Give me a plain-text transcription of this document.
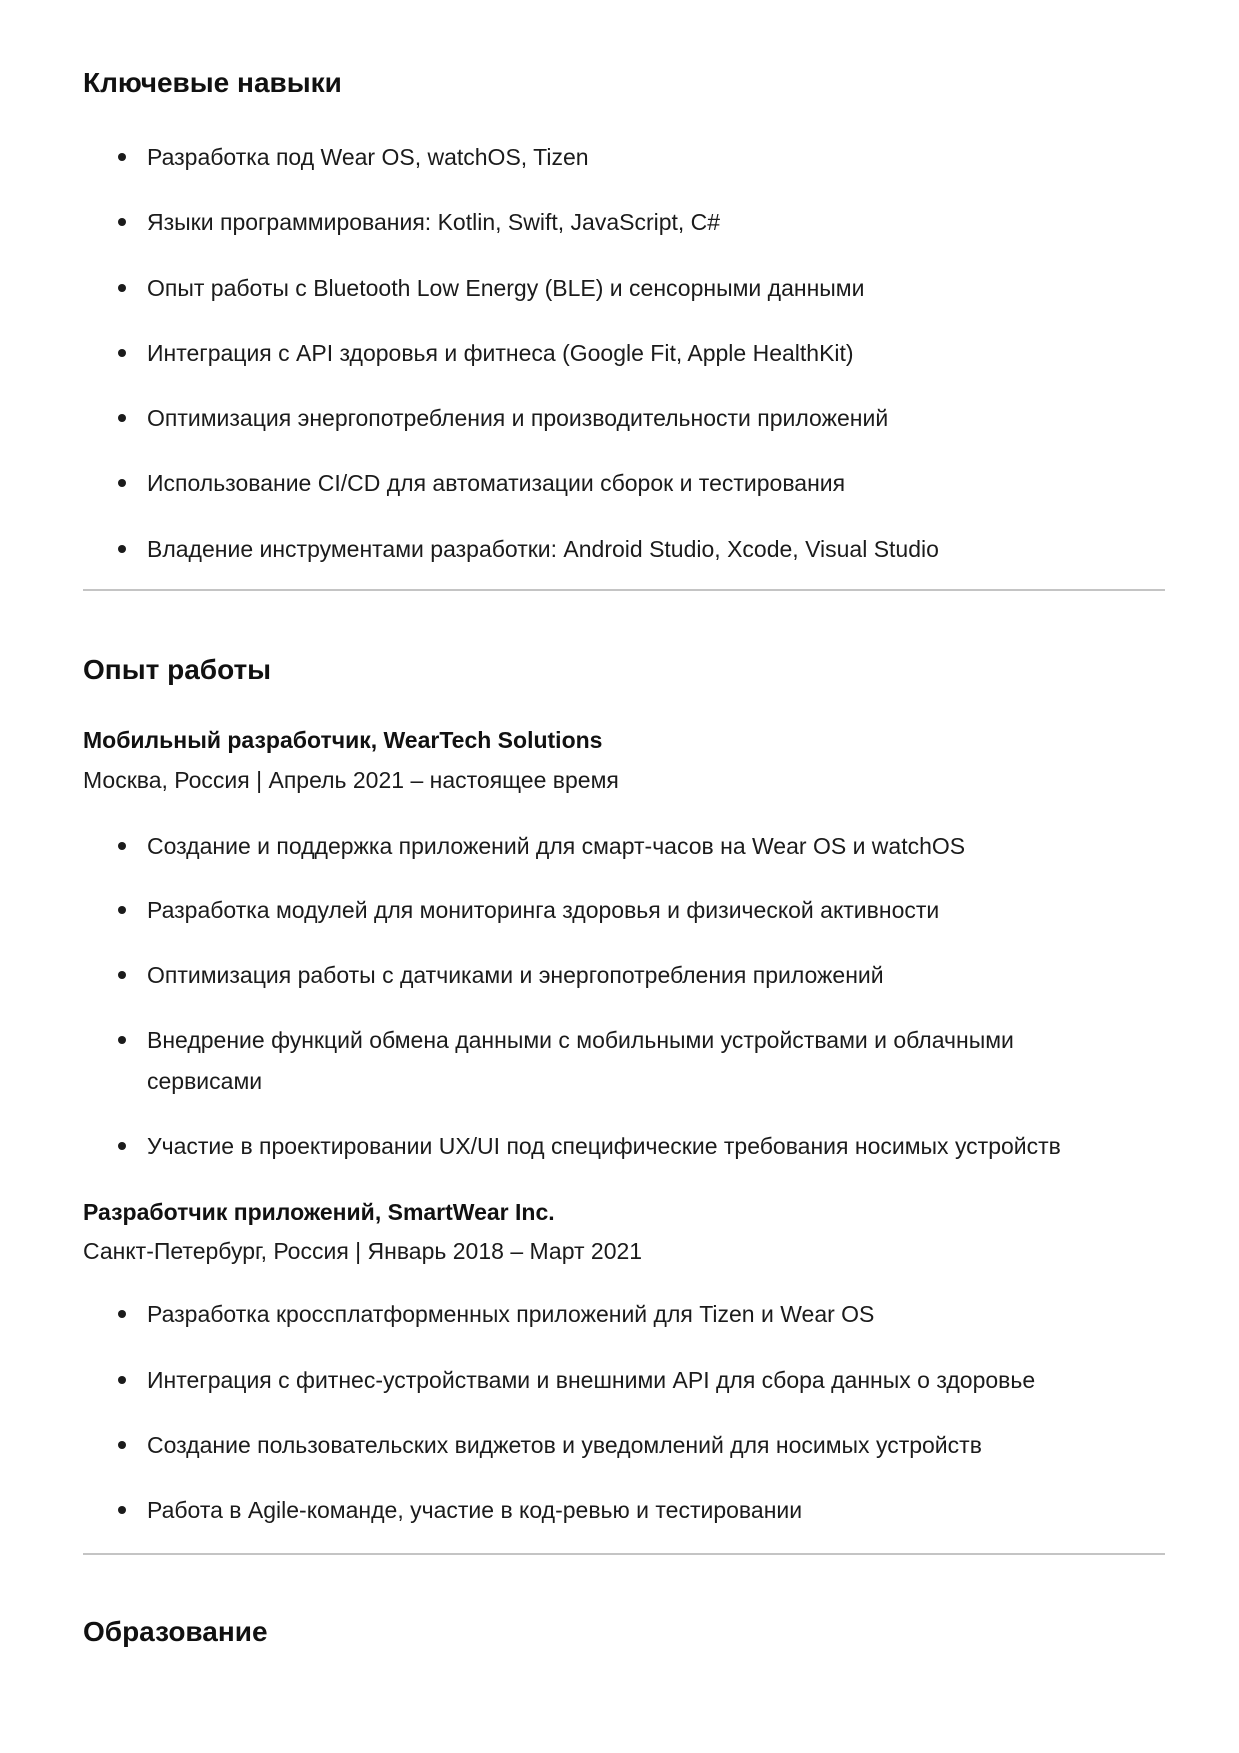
Ключевые навыки
Разработка под Wear OS, watchOS, Tizen
Языки программирования: Kotlin, Swift, JavaScript, C#
Опыт работы с Bluetooth Low Energy (BLE) и сенсорными данными
Интеграция с API здоровья и фитнеса (Google Fit, Apple HealthKit)
Оптимизация энергопотребления и производительности приложений
Использование CI/CD для автоматизации сборок и тестирования
Владение инструментами разработки: Android Studio, Xcode, Visual Studio
Опыт работы
Мобильный разработчик, WearTech Solutions
Москва, Россия | Апрель 2021 – настоящее время
Создание и поддержка приложений для смарт-часов на Wear OS и watchOS
Разработка модулей для мониторинга здоровья и физической активности
Оптимизация работы с датчиками и энергопотребления приложений
Внедрение функций обмена данными с мобильными устройствами и облачными
сервисами
Участие в проектировании UX/UI под специфические требования носимых устройств
Разработчик приложений, SmartWear Inc.
Санкт-Петербург, Россия | Январь 2018 – Март 2021
Разработка кроссплатформенных приложений для Tizen и Wear OS
Интеграция с фитнес-устройствами и внешними API для сбора данных о здоровье
Создание пользовательских виджетов и уведомлений для носимых устройств
Работа в Agile-команде, участие в код-ревью и тестировании
Образование
